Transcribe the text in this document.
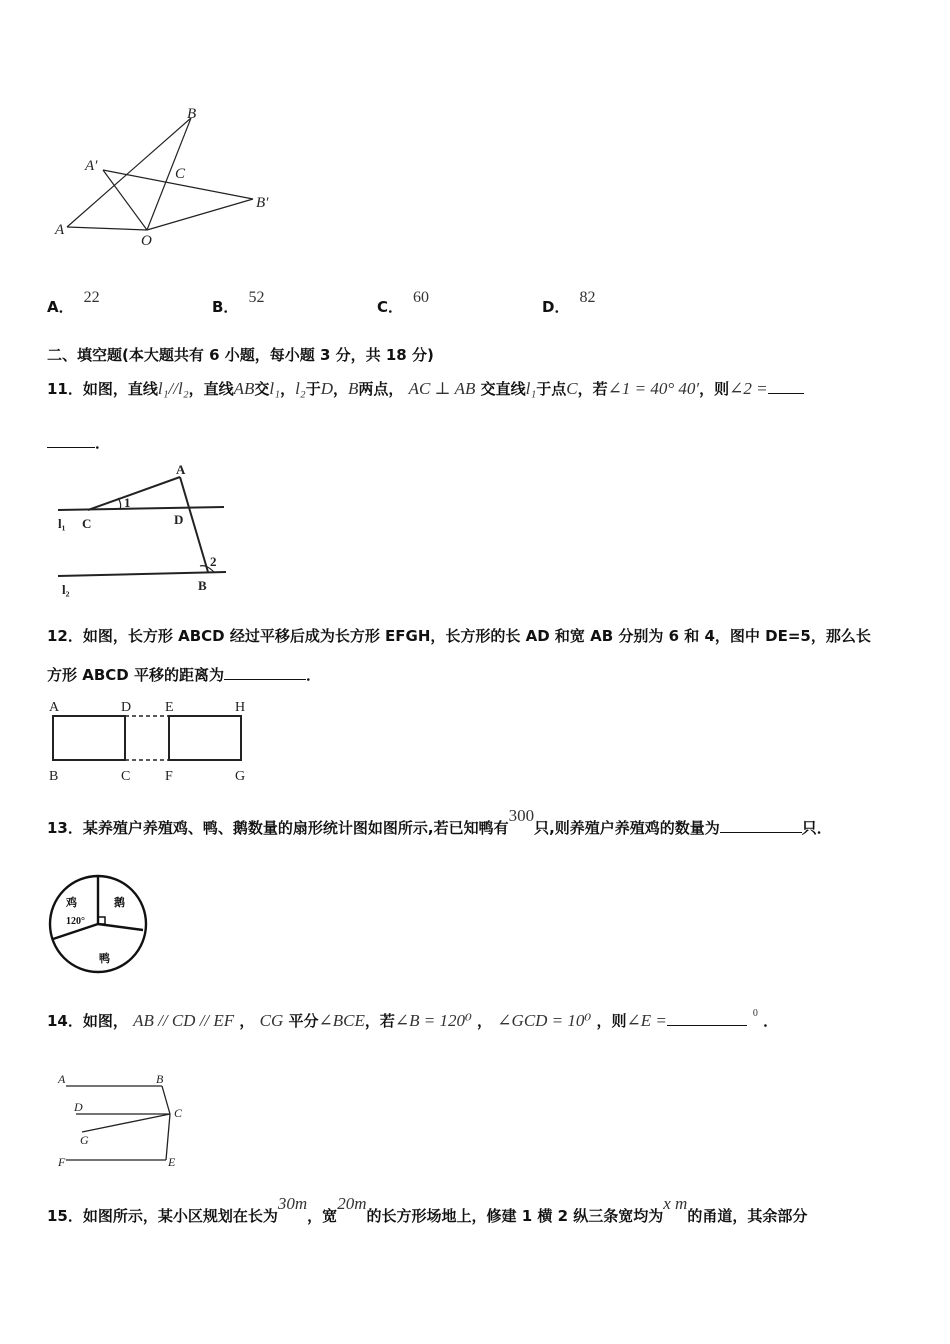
B
A′	C
B′
A
O
A．22
B．52
C．60
D．82
二、填空题(本大题共有 6 小题，每小题 3 分，共 18 分)
11．如图，直线l₁//l₂，直线AB交l₁，l₂于D，B两点， AC ⊥ AB 交直线l₁于点C，若∠1 = 40° 40′，则∠2 =
．
A
1
l₁ C	D
2
l₂	B
12．如图，长方形 ABCD 经过平移后成为长方形 EFGH，长方形的长 AD 和宽 AB 分别为 6 和 4，图中 DE=5，那么长
方形 ABCD 平移的距离为	．
A	D E	H
B	C F	G
13．某养殖户养殖鸡、鸭、鹅数量的扇形统计图如图所示,若已知鸭有300只,则养殖户养殖鸡的数量为	只．
鸡	鹅
鸭
120°
14．如图， AB // CD // EF ， CG 平分∠BCE，若∠B = 120⁰ ， ∠GCD = 10⁰ ，则∠E =	$^0$ ．
A	B
D	C
G
F	E
15．如图所示，某小区规划在长为30m，宽20m的长方形场地上，修建 1 横 2 纵三条宽均为x m的甬道，其余部分
